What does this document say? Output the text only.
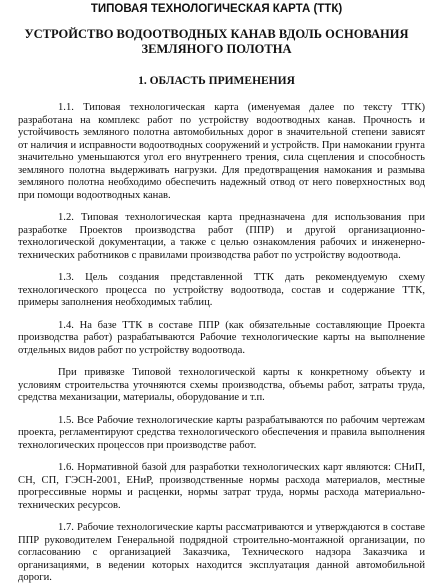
ТИПОВАЯ ТЕХНОЛОГИЧЕСКАЯ КАРТА (ТТК)
УСТРОЙСТВО ВОДООТВОДНЫХ КАНАВ ВДОЛЬ ОСНОВАНИЯ ЗЕМЛЯНОГО ПОЛОТНА
1. ОБЛАСТЬ ПРИМЕНЕНИЯ

1.1. Типовая технологическая карта (именуемая далее по тексту ТТК) разработана на комплекс работ по устройству водоотводных канав. Прочность и устойчивость земляного полотна автомобильных дорог в значительной степени зависят от наличия и исправности водоотводных сооружений и устройств. При намокании грунта значительно уменьшаются угол его внутреннего трения, сила сцепления и способность земляного полотна выдерживать нагрузки. Для предотвращения намокания и размыва земляного полотна необходимо обеспечить надежный отвод от него поверхностных вод при помощи водоотводных канав.

1.2. Типовая технологическая карта предназначена для использования при разработке Проектов производства работ (ППР) и другой организационно-технологической документации, а также с целью ознакомления рабочих и инженерно-технических работников с правилами производства работ по устройству водоотвода.

1.3. Цель создания представленной ТТК дать рекомендуемую схему технологического процесса по устройству водоотвода, состав и содержание ТТК, примеры заполнения необходимых таблиц.

1.4. На базе ТТК в составе ППР (как обязательные составляющие Проекта производства работ) разрабатываются Рабочие технологические карты на выполнение отдельных видов работ по устройству водоотвода.

При привязке Типовой технологической карты к конкретному объекту и условиям строительства уточняются схемы производства, объемы работ, затраты труда, средства механизации, материалы, оборудование и т.п.

1.5. Все Рабочие технологические карты разрабатываются по рабочим чертежам проекта, регламентируют средства технологического обеспечения и правила выполнения технологических процессов при производстве работ.

1.6. Нормативной базой для разработки технологических карт являются: СНиП, СН, СП, ГЭСН-2001, ЕНиР, производственные нормы расхода материалов, местные прогрессивные нормы и расценки, нормы затрат труда, нормы расхода материально-технических ресурсов.

1.7. Рабочие технологические карты рассматриваются и утверждаются в составе ППР руководителем Генеральной подрядной строительно-монтажной организации, по согласованию с организацией Заказчика, Технического надзора Заказчика и организациями, в ведении которых находится эксплуатация данной автомобильной дороги.
